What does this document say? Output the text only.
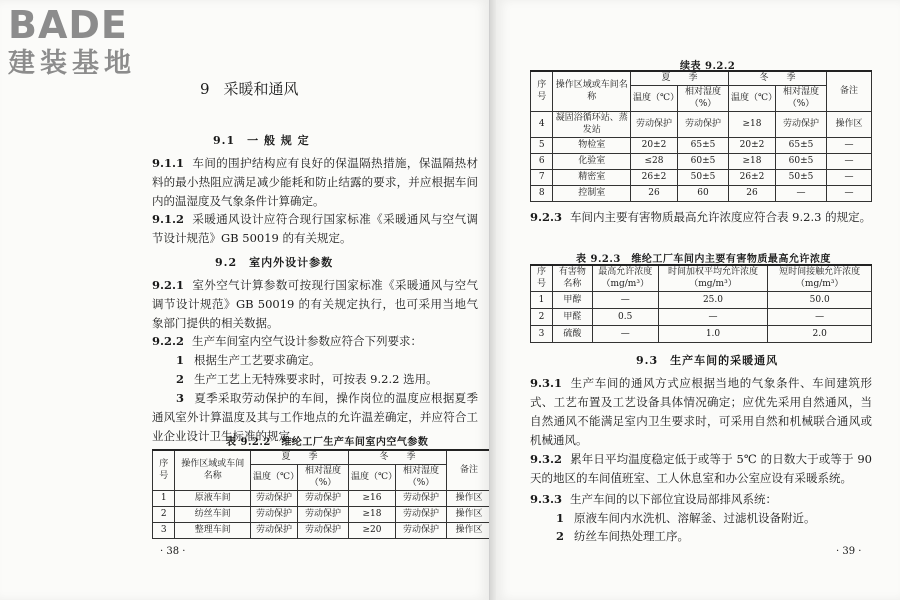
BADE
建装基地
9 采暖和通风
9.1　一 般 规 定
9.1.1 车间的围护结构应有良好的保温隔热措施，保温隔热材料的最小热阻应满足减少能耗和防止结露的要求，并应根据车间内的温湿度及气象条件计算确定。
9.1.2 采暖通风设计应符合现行国家标准《采暖通风与空气调节设计规范》GB 50019 的有关规定。
9.2　室内外设计参数
9.2.1 室外空气计算参数可按现行国家标准《采暖通风与空气调节设计规范》GB 50019 的有关规定执行，也可采用当地气象部门提供的相关数据。
9.2.2 生产车间室内空气设计参数应符合下列要求：
1 根据生产工艺要求确定。
2 生产工艺上无特殊要求时，可按表 9.2.2 选用。
3 夏季采取劳动保护的车间，操作岗位的温度应根据夏季通风室外计算温度及其与工作地点的允许温差确定，并应符合工业企业设计卫生标准的规定。
表 9.2.2　维纶工厂生产车间室内空气参数
序号	操作区域或车间名称	夏　　季		冬　　季		备注
		温度（℃）	相对湿度（%）	温度（℃）	相对湿度（%）	
1	原液车间	劳动保护	劳动保护	≥16	劳动保护	操作区
2	纺丝车间	劳动保护	劳动保护	≥18	劳动保护	操作区
3	整理车间	劳动保护	劳动保护	≥20	劳动保护	操作区
· 38 ·
续表 9.2.2
序号	操作区域或车间名称	夏　　季		冬　　季		备注
		温度（℃）	相对湿度（%）	温度（℃）	相对湿度（%）	
4	凝固浴循环站、蒸发站	劳动保护	劳动保护	≥18	劳动保护	操作区
5	物检室	20±2	65±5	20±2	65±5	—
6	化验室	≤28	60±5	≥18	60±5	—
7	精密室	26±2	50±5	26±2	50±5	—
8	控制室	26	60	26	—	—
9.2.3 车间内主要有害物质最高允许浓度应符合表 9.2.3 的规定。
表 9.2.3　维纶工厂车间内主要有害物质最高允许浓度
序号	有害物名称	最高允许浓度（mg/m³）	时间加权平均允许浓度（mg/m³）	短时间接触允许浓度（mg/m³）
1	甲醇	—	25.0	50.0
2	甲醛	0.5	—	—
3	硫酸	—	1.0	2.0
9.3　生产车间的采暖通风
9.3.1 生产车间的通风方式应根据当地的气象条件、车间建筑形式、工艺布置及工艺设备具体情况确定；应优先采用自然通风，当自然通风不能满足室内卫生要求时，可采用自然和机械联合通风或机械通风。
9.3.2 累年日平均温度稳定低于或等于 5℃ 的日数大于或等于 90 天的地区的车间值班室、工人休息室和办公室应设有采暖系统。
9.3.3 生产车间的以下部位宜设局部排风系统：
1 原液车间内水洗机、溶解釜、过滤机设备附近。
2 纺丝车间热处理工序。
· 39 ·
